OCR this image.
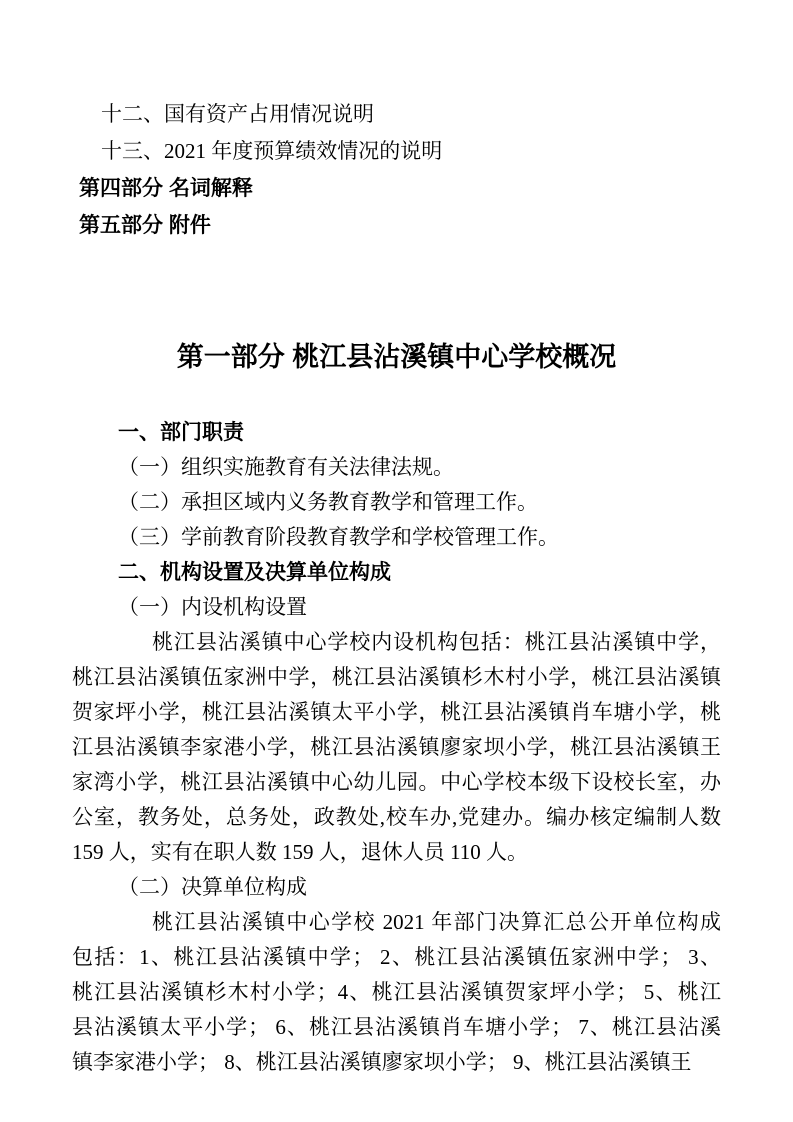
十二、国有资产占用情况说明
十三、2021 年度预算绩效情况的说明
第四部分 名词解释
第五部分 附件
第一部分 桃江县沾溪镇中心学校概况
一、部门职责
（一）组织实施教育有关法律法规。
（二）承担区域内义务教育教学和管理工作。
（三）学前教育阶段教育教学和学校管理工作。
二、机构设置及决算单位构成
（一）内设机构设置
桃江县沾溪镇中心学校内设机构包括：桃江县沾溪镇中学，
桃江县沾溪镇伍家洲中学，桃江县沾溪镇杉木村小学，桃江县沾溪镇
贺家坪小学，桃江县沾溪镇太平小学，桃江县沾溪镇肖车塘小学，桃
江县沾溪镇李家港小学，桃江县沾溪镇廖家坝小学，桃江县沾溪镇王
家湾小学，桃江县沾溪镇中心幼儿园。中心学校本级下设校长室，办
公室，教务处，总务处，政教处,校车办,党建办。编办核定编制人数
159 人，实有在职人数 159 人，退休人员 110 人。
（二）决算单位构成
桃江县沾溪镇中心学校 2021 年部门决算汇总公开单位构成
包括：1、桃江县沾溪镇中学； 2、桃江县沾溪镇伍家洲中学； 3、
桃江县沾溪镇杉木村小学；4、桃江县沾溪镇贺家坪小学； 5、桃江
县沾溪镇太平小学； 6、桃江县沾溪镇肖车塘小学； 7、桃江县沾溪
镇李家港小学； 8、桃江县沾溪镇廖家坝小学； 9、桃江县沾溪镇王
